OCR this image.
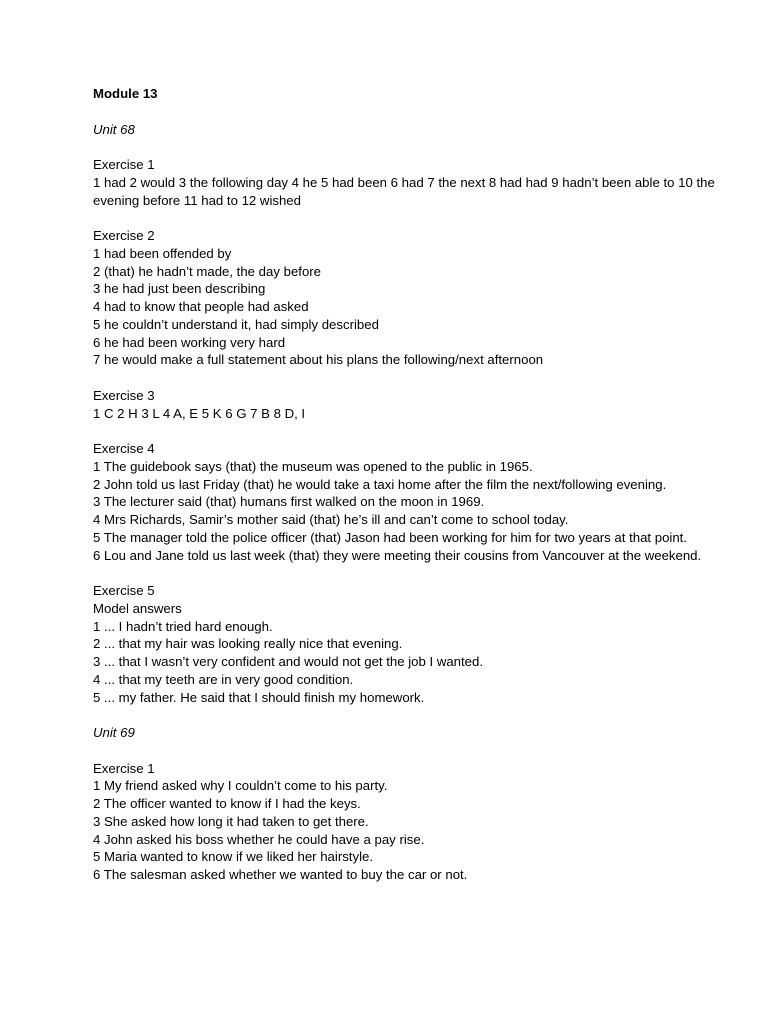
Module 13
Unit 68
Exercise 1
1 had 2 would 3 the following day 4 he 5 had been 6 had 7 the next 8 had had 9 hadn’t been able to 10 the evening before 11 had to 12 wished
Exercise 2
1 had been offended by
2 (that) he hadn’t made, the day before
3 he had just been describing
4 had to know that people had asked
5 he couldn’t understand it, had simply described
6 he had been working very hard
7 he would make a full statement about his plans the following/next afternoon
Exercise 3
1 C 2 H 3 L 4 A, E 5 K 6 G 7 B 8 D, I
Exercise 4
1 The guidebook says (that) the museum was opened to the public in 1965.
2 John told us last Friday (that) he would take a taxi home after the film the next/following evening.
3 The lecturer said (that) humans first walked on the moon in 1969.
4 Mrs Richards, Samir’s mother said (that) he’s ill and can’t come to school today.
5 The manager told the police officer (that) Jason had been working for him for two years at that point.
6 Lou and Jane told us last week (that) they were meeting their cousins from Vancouver at the weekend.
Exercise 5
Model answers
1 ... I hadn’t tried hard enough.
2 ... that my hair was looking really nice that evening.
3 ... that I wasn’t very confident and would not get the job I wanted.
4 ... that my teeth are in very good condition.
5 ... my father. He said that I should finish my homework.
Unit 69
Exercise 1
1 My friend asked why I couldn’t come to his party.
2 The officer wanted to know if I had the keys.
3 She asked how long it had taken to get there.
4 John asked his boss whether he could have a pay rise.
5 Maria wanted to know if we liked her hairstyle.
6 The salesman asked whether we wanted to buy the car or not.
